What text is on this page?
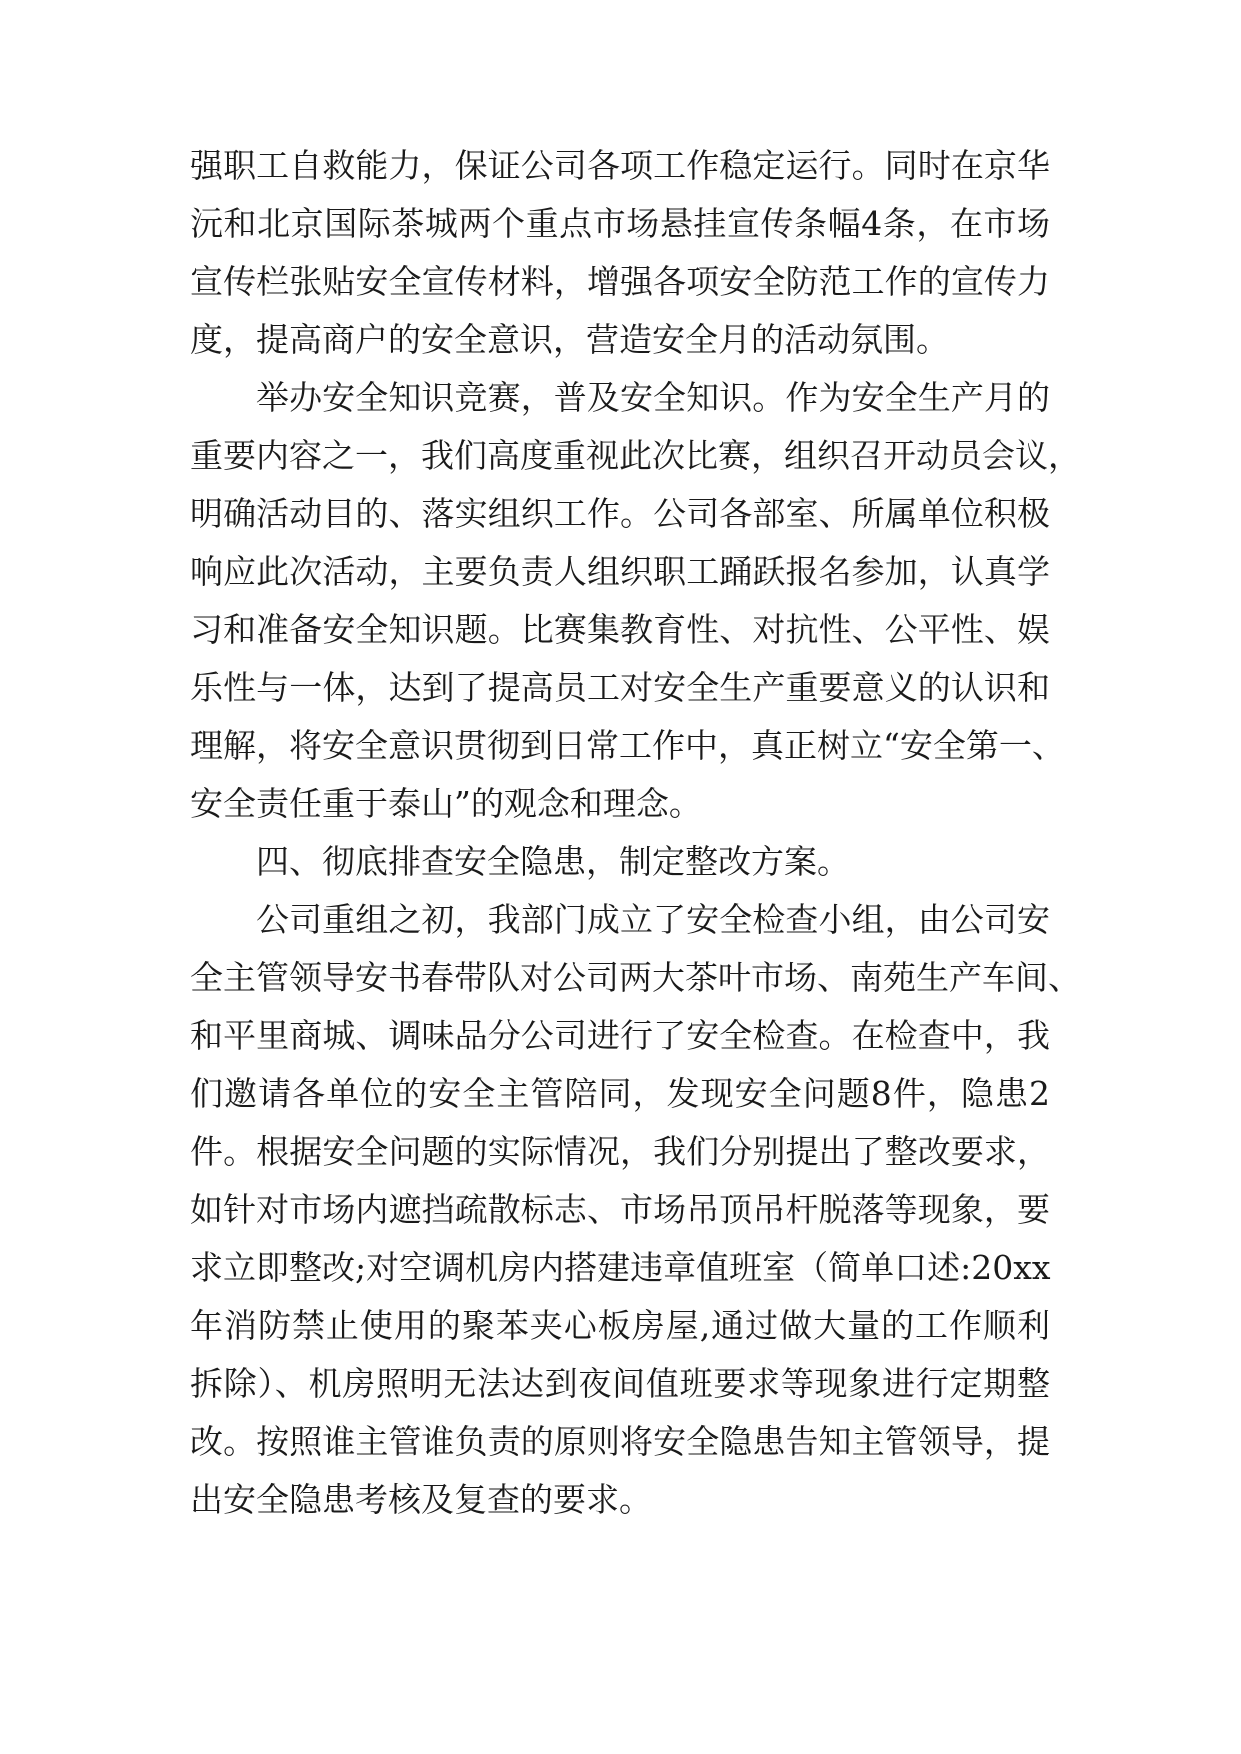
强职工自救能力，保证公司各项工作稳定运行。同时在京华

沅和北京国际茶城两个重点市场悬挂宣传条幅4条，在市场

宣传栏张贴安全宣传材料，增强各项安全防范工作的宣传力

度，提高商户的安全意识，营造安全月的活动氛围。

举办安全知识竞赛，普及安全知识。作为安全生产月的

重要内容之一，我们高度重视此次比赛，组织召开动员会议，

明确活动目的、落实组织工作。公司各部室、所属单位积极

响应此次活动，主要负责人组织职工踊跃报名参加，认真学

习和准备安全知识题。比赛集教育性、对抗性、公平性、娱

乐性与一体，达到了提高员工对安全生产重要意义的认识和

理解，将安全意识贯彻到日常工作中，真正树立“安全第一、

安全责任重于泰山”的观念和理念。

四、彻底排查安全隐患，制定整改方案。

公司重组之初，我部门成立了安全检查小组，由公司安

全主管领导安书春带队对公司两大茶叶市场、南苑生产车间、

和平里商城、调味品分公司进行了安全检查。在检查中，我

们邀请各单位的安全主管陪同，发现安全问题8件，隐患2

件。根据安全问题的实际情况，我们分别提出了整改要求，

如针对市场内遮挡疏散标志、市场吊顶吊杆脱落等现象，要

求立即整改;对空调机房内搭建违章值班室（简单口述:20xx

年消防禁止使用的聚苯夹心板房屋,通过做大量的工作顺利

拆除）、机房照明无法达到夜间值班要求等现象进行定期整

改。按照谁主管谁负责的原则将安全隐患告知主管领导，提

出安全隐患考核及复查的要求。
